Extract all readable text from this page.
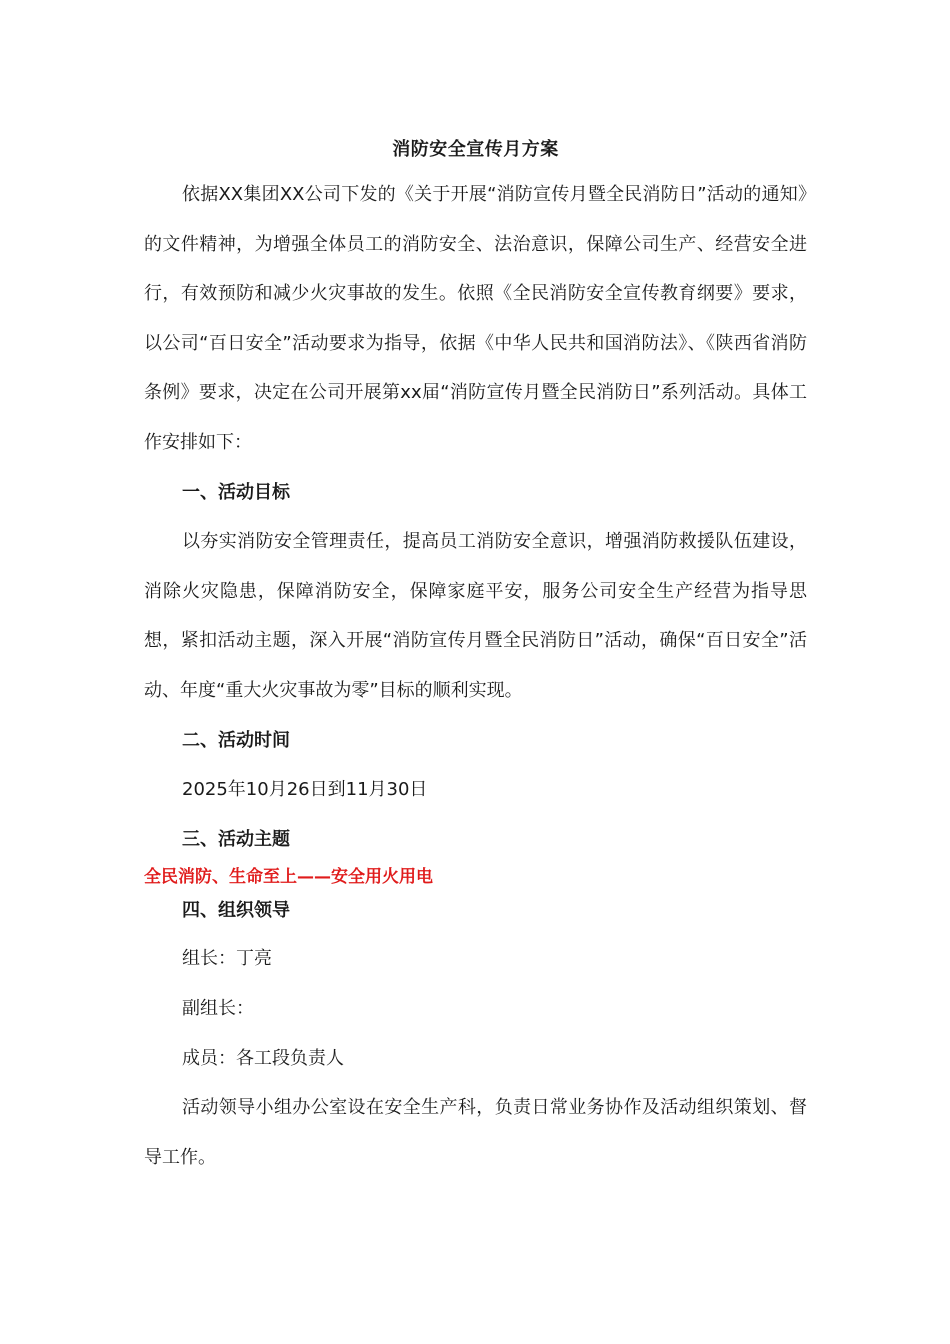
消防安全宣传月方案

依据XX集团XX公司下发的《关于开展“消防宣传月暨全民消防日”活动的通知》的文件精神，为增强全体员工的消防安全、法治意识，保障公司生产、经营安全进行，有效预防和减少火灾事故的发生。依照《全民消防安全宣传教育纲要》要求，以公司“百日安全”活动要求为指导，依据《中华人民共和国消防法》、《陕西省消防条例》要求，决定在公司开展第xx届“消防宣传月暨全民消防日”系列活动。具体工作安排如下：

一、活动目标

以夯实消防安全管理责任，提高员工消防安全意识，增强消防救援队伍建设，消除火灾隐患，保障消防安全，保障家庭平安，服务公司安全生产经营为指导思想，紧扣活动主题，深入开展“消防宣传月暨全民消防日”活动，确保“百日安全”活动、年度“重大火灾事故为零”目标的顺利实现。

二、活动时间

2025年10月26日到11月30日

三、活动主题

全民消防、生命至上——安全用火用电

四、组织领导

组长：丁亮

副组长：

成员：各工段负责人

活动领导小组办公室设在安全生产科，负责日常业务协作及活动组织策划、督导工作。
